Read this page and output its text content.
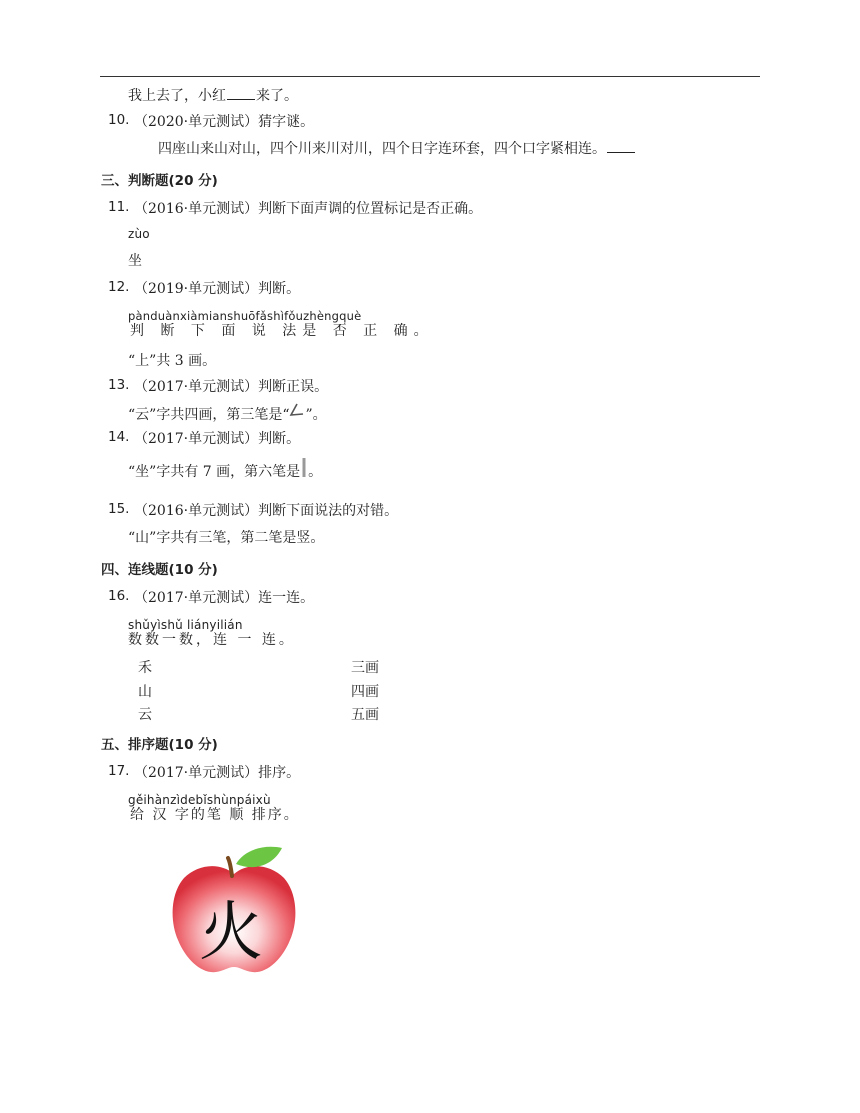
我上去了，小红 来了。
10. （2020·单元测试）猜字谜。
四座山来山对山，四个川来川对川，四个日字连环套，四个口字紧相连。
三、判断题(20 分)
11. （2016·单元测试）判断下面声调的位置标记是否正确。
zùo
坐
12. （2019·单元测试）判断。
pànduànxiàmianshuōfǎshìfǒuzhèngquè
判 断 下 面 说 法是 否 正 确。
“上”共 3 画。
13. （2017·单元测试）判断正误。
“云”字共四画，第三笔是“ ”。
14. （2017·单元测试）判断。
“坐”字共有 7 画，第六笔是 。
15. （2016·单元测试）判断下面说法的对错。
“山”字共有三笔，第二笔是竖。
四、连线题(10 分)
16. （2017·单元测试）连一连。
shǔyìshǔ liányilián
数数一数，连 一 连。
禾
山
云
三画
四画
五画
五、排序题(10 分)
17. （2017·单元测试）排序。
gěihànzìdebǐshùnpáixù
给 汉 字的笔 顺 排序。
火
